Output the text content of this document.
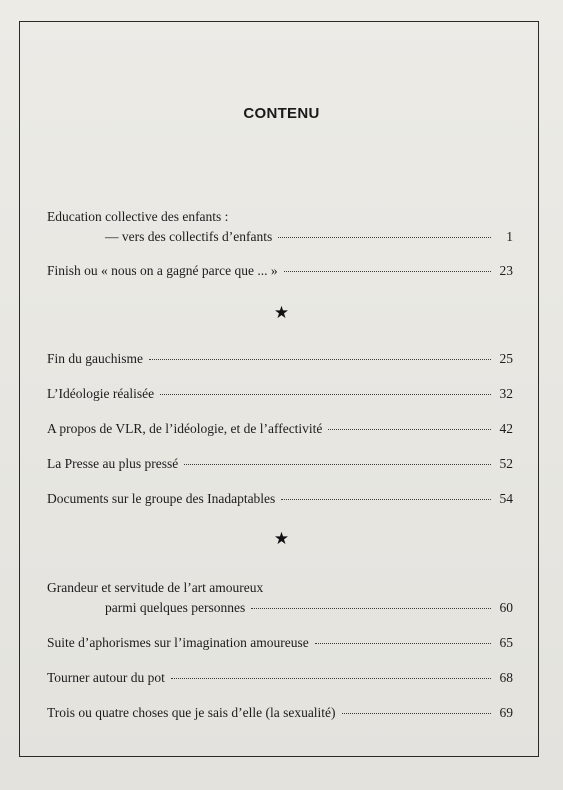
CONTENU
Education collective des enfants :
— vers des collectifs d’enfants	1
Finish ou « nous on a gagné parce que ... »	23
★
Fin du gauchisme	25
L’Idéologie réalisée	32
A propos de VLR, de l’idéologie, et de l’affectivité	42
La Presse au plus pressé	52
Documents sur le groupe des Inadaptables	54
★
Grandeur et servitude de l’art amoureux
parmi quelques personnes	60
Suite d’aphorismes sur l’imagination amoureuse	65
Tourner autour du pot	68
Trois ou quatre choses que je sais d’elle (la sexualité)	69
